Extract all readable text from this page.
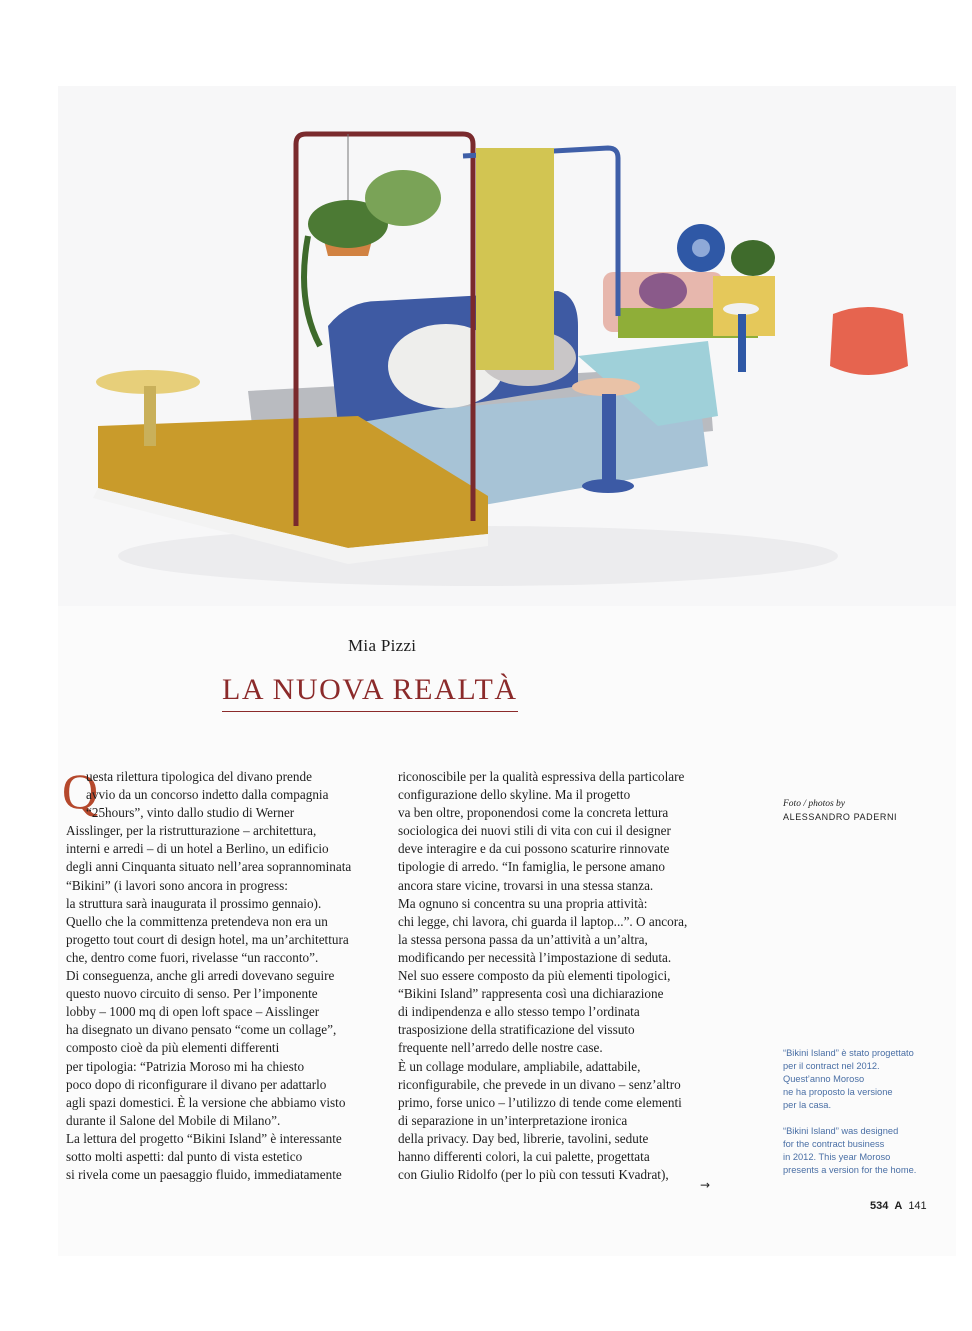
Mia Pizzi
LA NUOVA REALTÀ
Q

uesta rilettura tipologica del divano prende

avvio da un concorso indetto dalla compagnia

“25hours”, vinto dallo studio di Werner

Aisslinger, per la ristrutturazione – architettura,

interni e arredi – di un hotel a Berlino, un edificio

degli anni Cinquanta situato nell’area soprannominata

“Bikini” (i lavori sono ancora in progress:

la struttura sarà inaugurata il prossimo gennaio).

Quello che la committenza pretendeva non era un

progetto tout court di design hotel, ma un’architettura

che, dentro come fuori, rivelasse “un racconto”.

Di conseguenza, anche gli arredi dovevano seguire

questo nuovo circuito di senso. Per l’imponente

lobby – 1000 mq di open loft space – Aisslinger

ha disegnato un divano pensato “come un collage”,

composto cioè da più elementi differenti

per tipologia: “Patrizia Moroso mi ha chiesto

poco dopo di riconfigurare il divano per adattarlo

agli spazi domestici. È la versione che abbiamo visto

durante il Salone del Mobile di Milano”.

La lettura del progetto “Bikini Island” è interessante

sotto molti aspetti: dal punto di vista estetico

si rivela come un paesaggio fluido, immediatamente

riconoscibile per la qualità espressiva della particolare

configurazione dello skyline. Ma il progetto

va ben oltre, proponendosi come la concreta lettura

sociologica dei nuovi stili di vita con cui il designer

deve interagire e da cui possono scaturire rinnovate

tipologie di arredo. “In famiglia, le persone amano

ancora stare vicine, trovarsi in una stessa stanza.

Ma ognuno si concentra su una propria attività:

chi legge, chi lavora, chi guarda il laptop...”. O ancora,

la stessa persona passa da un’attività a un’altra,

modificando per necessità l’impostazione di seduta.

Nel suo essere composto da più elementi tipologici,

“Bikini Island” rappresenta così una dichiarazione

di indipendenza e allo stesso tempo l’ordinata

trasposizione della stratificazione del vissuto

frequente nell’arredo delle nostre case.

È un collage modulare, ampliabile, adattabile,

riconfigurabile, che prevede in un divano – senz’altro

primo, forse unico – l’utilizzo di tende come elementi

di separazione in un’interpretazione ironica

della privacy. Day bed, librerie, tavolini, sedute

hanno differenti colori, la cui palette, progettata

con Giulio Ridolfo (per lo più con tessuti Kvadrat),

→
Foto / photos by
ALESSANDRO PADERNI

“Bikini Island” è stato progettato

per il contract nel 2012.

Quest’anno Moroso

ne ha proposto la versione

per la casa.

“Bikini Island” was designed

for the contract business

in 2012. This year Moroso

presents a version for the home.

534 A 141
